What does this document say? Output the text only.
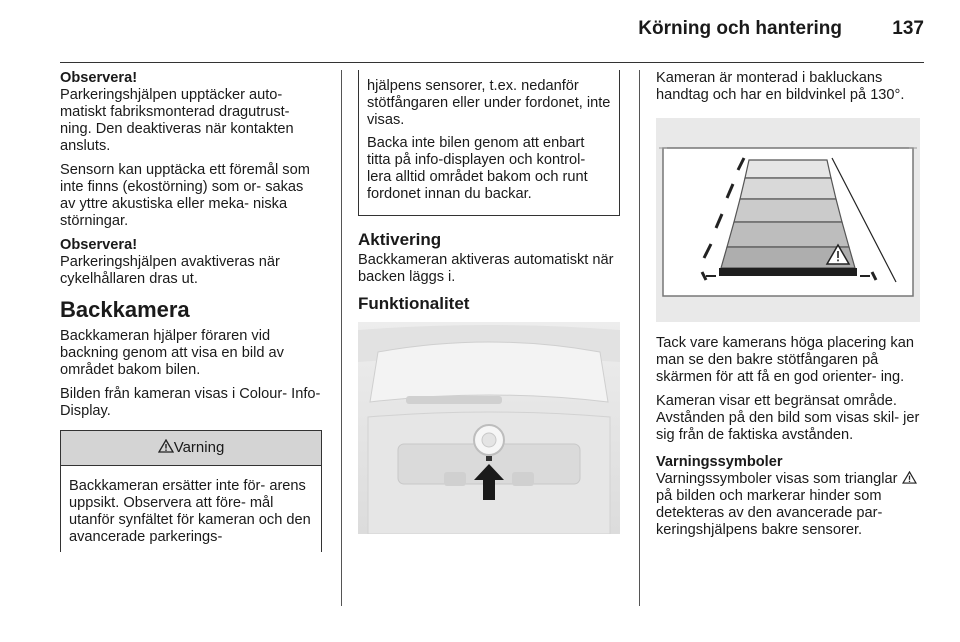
Körning och hantering	137

Observera!
Parkeringshjälpen upptäcker auto- matiskt fabriksmonterad dragutrust- ning. Den deaktiveras när kontakten ansluts.

Sensorn kan upptäcka ett föremål som inte finns (ekostörning) som or- sakas av yttre akustiska eller meka- niska störningar.

Observera!
Parkeringshjälpen avaktiveras när cykelhållaren dras ut.

Backkamera

Backkameran hjälper föraren vid backning genom att visa en bild av området bakom bilen.

Bilden från kameran visas i Colour- Info-Display.

Varning
Backkameran ersätter inte för- arens uppsikt. Observera att före- mål utanför synfältet för kameran och den avancerade parkerings-

hjälpens sensorer, t.ex. nedanför stötfångaren eller under fordonet, inte visas.

Backa inte bilen genom att enbart titta på info-displayen och kontrol- lera alltid området bakom och runt fordonet innan du backar.

Aktivering

Backkameran aktiveras automatiskt när backen läggs i.

Funktionalitet

Kameran är monterad i bakluckans handtag och har en bildvinkel på 130°.

Tack vare kamerans höga placering kan man se den bakre stötfångaren på skärmen för att få en god orienter- ing.

Kameran visar ett begränsat område. Avstånden på den bild som visas skil- jer sig från de faktiska avstånden.

Varningssymboler
Varningssymboler visas som trianglar  på bilden och markerar hinder som detekteras av den avancerade par- keringshjälpens bakre sensorer.
